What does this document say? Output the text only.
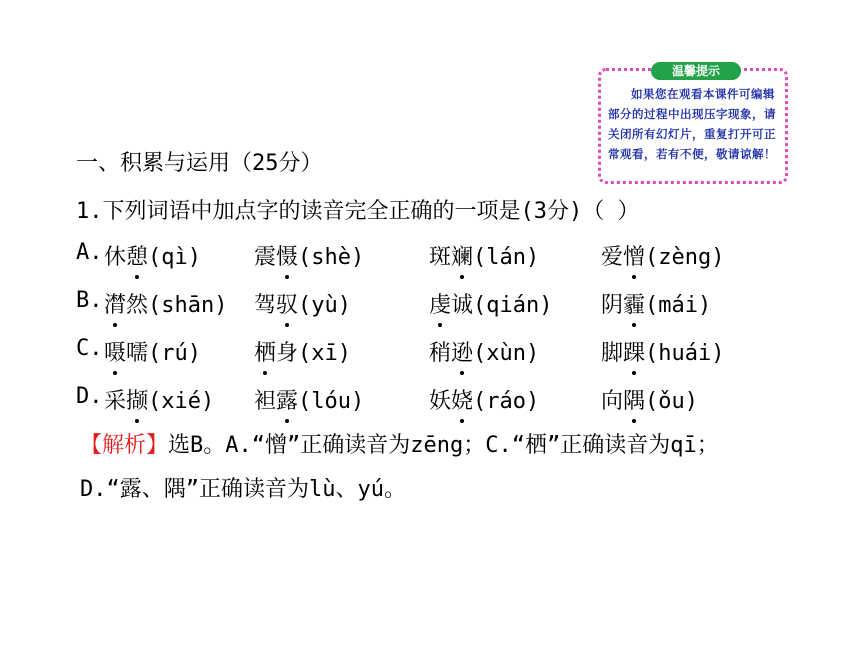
温馨提示
如果您在观看本课件可编辑部分的过程中出现压字现象，请关闭所有幻灯片，重复打开可正常观看，若有不便，敬请谅解！
一、积累与运用（25分）
1.下列词语中加点字的读音完全正确的一项是(3分)（ ）
A. 休憩(qì)	震慑(shè)	斑斓(lán)	爱憎(zèng)
B. 潸然(shān)	驾驭(yù)	虔诚(qián)	阴霾(mái)
C. 嗫嚅(rú)	栖身(xī)	稍逊(xùn)	脚踝(huái)
D. 采撷(xié)	袒露(lóu)	妖娆(ráo)	向隅(ǒu)
【解析】选B。A.“憎”正确读音为zēng；C.“栖”正确读音为qī；D.“露、隅”正确读音为lù、yú。
